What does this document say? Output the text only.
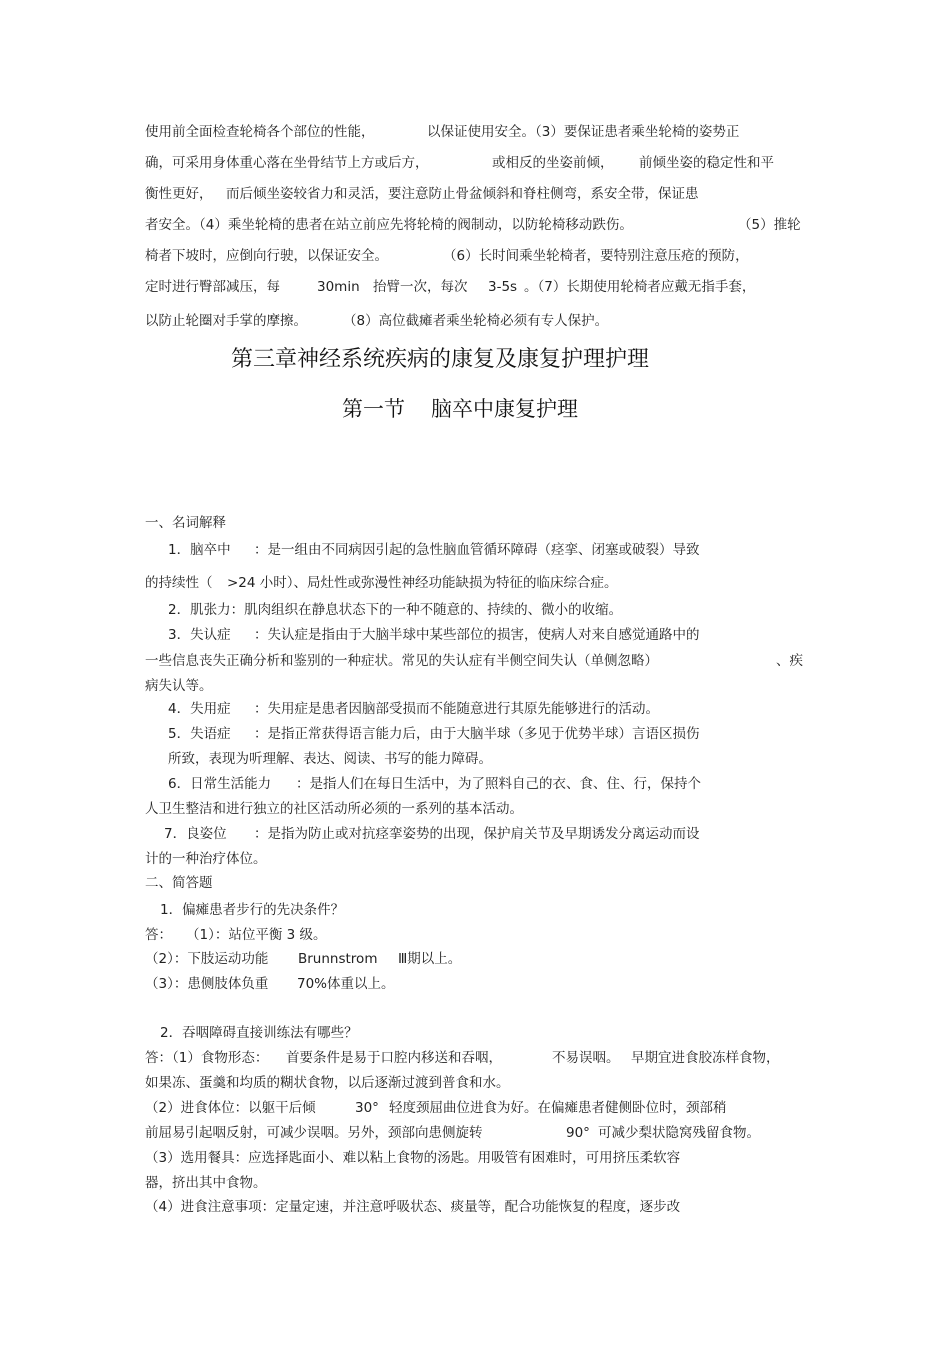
使用前全面检查轮椅各个部位的性能，	以保证使用安全。（3）要保证患者乘坐轮椅的姿势正
确，可采用身体重心落在坐骨结节上方或后方，	或相反的坐姿前倾， 前倾坐姿的稳定性和平
衡性更好， 而后倾坐姿较省力和灵活，要注意防止骨盆倾斜和脊柱侧弯，系安全带，保证患
者安全。（4）乘坐轮椅的患者在站立前应先将轮椅的阀制动，以防轮椅移动跌伤。	（5）推轮
椅者下坡时，应倒向行驶，以保证安全。	（6）长时间乘坐轮椅者，要特别注意压疮的预防，
定时进行臀部减压，每	30min 抬臂一次，每次 3-5s 。（7）长期使用轮椅者应戴无指手套，
以防止轮圈对手掌的摩擦。	（8）高位截瘫者乘坐轮椅必须有专人保护。
第三章神经系统疾病的康复及康复护理护理
第一节 脑卒中康复护理
一、名词解释
1．脑卒中 ：是一组由不同病因引起的急性脑血管循环障碍（痉挛、闭塞或破裂）导致
的持续性（ >24 小时）、局灶性或弥漫性神经功能缺损为特征的临床综合症。
2．肌张力：肌肉组织在静息状态下的一种不随意的、持续的、微小的收缩。
3．失认症 ：失认症是指由于大脑半球中某些部位的损害，使病人对来自感觉通路中的
一些信息丧失正确分析和鉴别的一种症状。常见的失认症有半侧空间失认（单侧忽略）	、疾
病失认等。
4．失用症 ：失用症是患者因脑部受损而不能随意进行其原先能够进行的活动。
5．失语症 ：是指正常获得语言能力后，由于大脑半球（多见于优势半球）言语区损伤
所致，表现为听理解、表达、阅读、书写的能力障碍。
6．日常生活能力 ：是指人们在每日生活中，为了照料自己的衣、食、住、行，保持个
人卫生整洁和进行独立的社区活动所必须的一系列的基本活动。
7．良姿位 ：是指为防止或对抗痉挛姿势的出现，保护肩关节及早期诱发分离运动而设
计的一种治疗体位。
二、简答题
1．偏瘫患者步行的先决条件？
答： （1）：站位平衡 3 级。
（2）：下肢运动功能 Brunnstrom Ⅲ期以上。
（3）：患侧肢体负重 70%体重以上。
2．吞咽障碍直接训练法有哪些？
答：（1）食物形态： 首要条件是易于口腔内移送和吞咽，	不易误咽。 早期宜进食胶冻样食物，
如果冻、蛋羹和均质的糊状食物，以后逐渐过渡到普食和水。
（2）进食体位：以躯干后倾	30° 轻度颈屈曲位进食为好。在偏瘫患者健侧卧位时，颈部稍
前屈易引起咽反射，可减少误咽。另外，颈部向患侧旋转	90° 可减少梨状隐窝残留食物。
（3）选用餐具：应选择匙面小、难以粘上食物的汤匙。用吸管有困难时，可用挤压柔软容
器，挤出其中食物。
（4）进食注意事项：定量定速，并注意呼吸状态、痰量等，配合功能恢复的程度，逐步改
